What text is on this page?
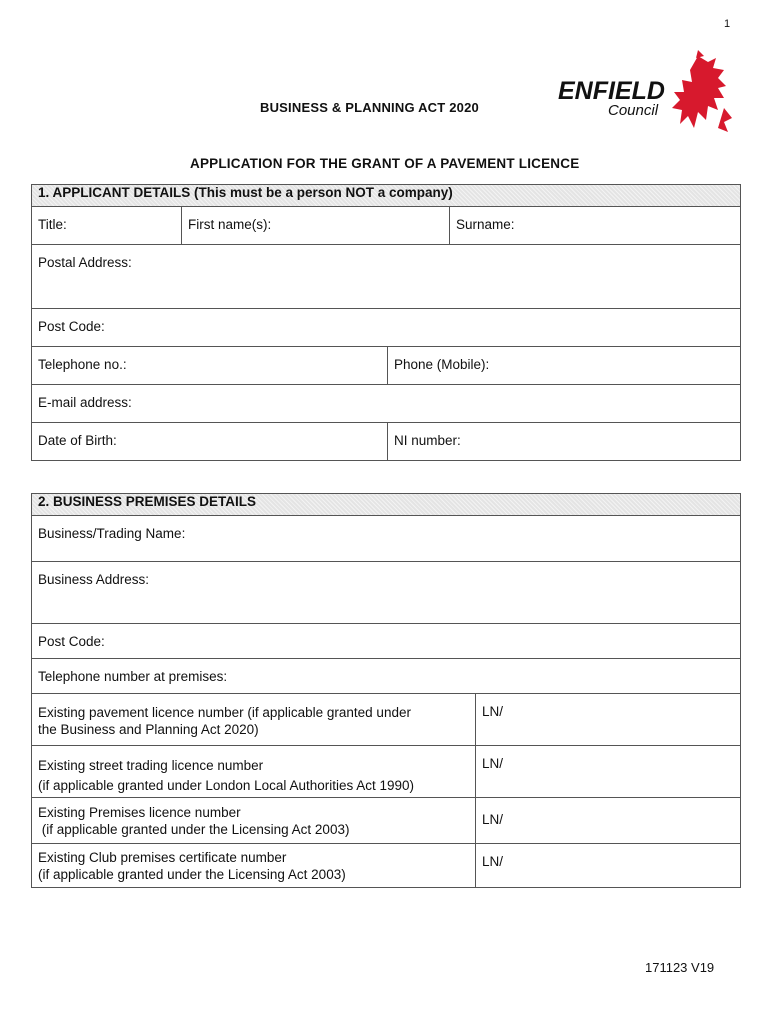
1
ENFIELD
Council
BUSINESS & PLANNING ACT 2020
APPLICATION FOR THE GRANT OF A PAVEMENT LICENCE
1. APPLICANT DETAILS (This must be a person NOT a company)			
Title:	First name(s):		Surname:
Postal Address:			
Post Code:			
Telephone no.:		Phone (Mobile):	
E-mail address:			
Date of Birth:		NI number:	
2. BUSINESS PREMISES DETAILS	
Business/Trading Name:	
Business Address:	
Post Code:	
Telephone number at premises:	

Existing pavement licence number (if applicable granted under
the Business and Planning Act 2020)	LN/

Existing street trading licence number
(if applicable granted under London Local Authorities Act 1990)	LN/

Existing Premises licence number
(if applicable granted under the Licensing Act 2003)	LN/

Existing Club premises certificate number
(if applicable granted under the Licensing Act 2003)	LN/
171123 V19
